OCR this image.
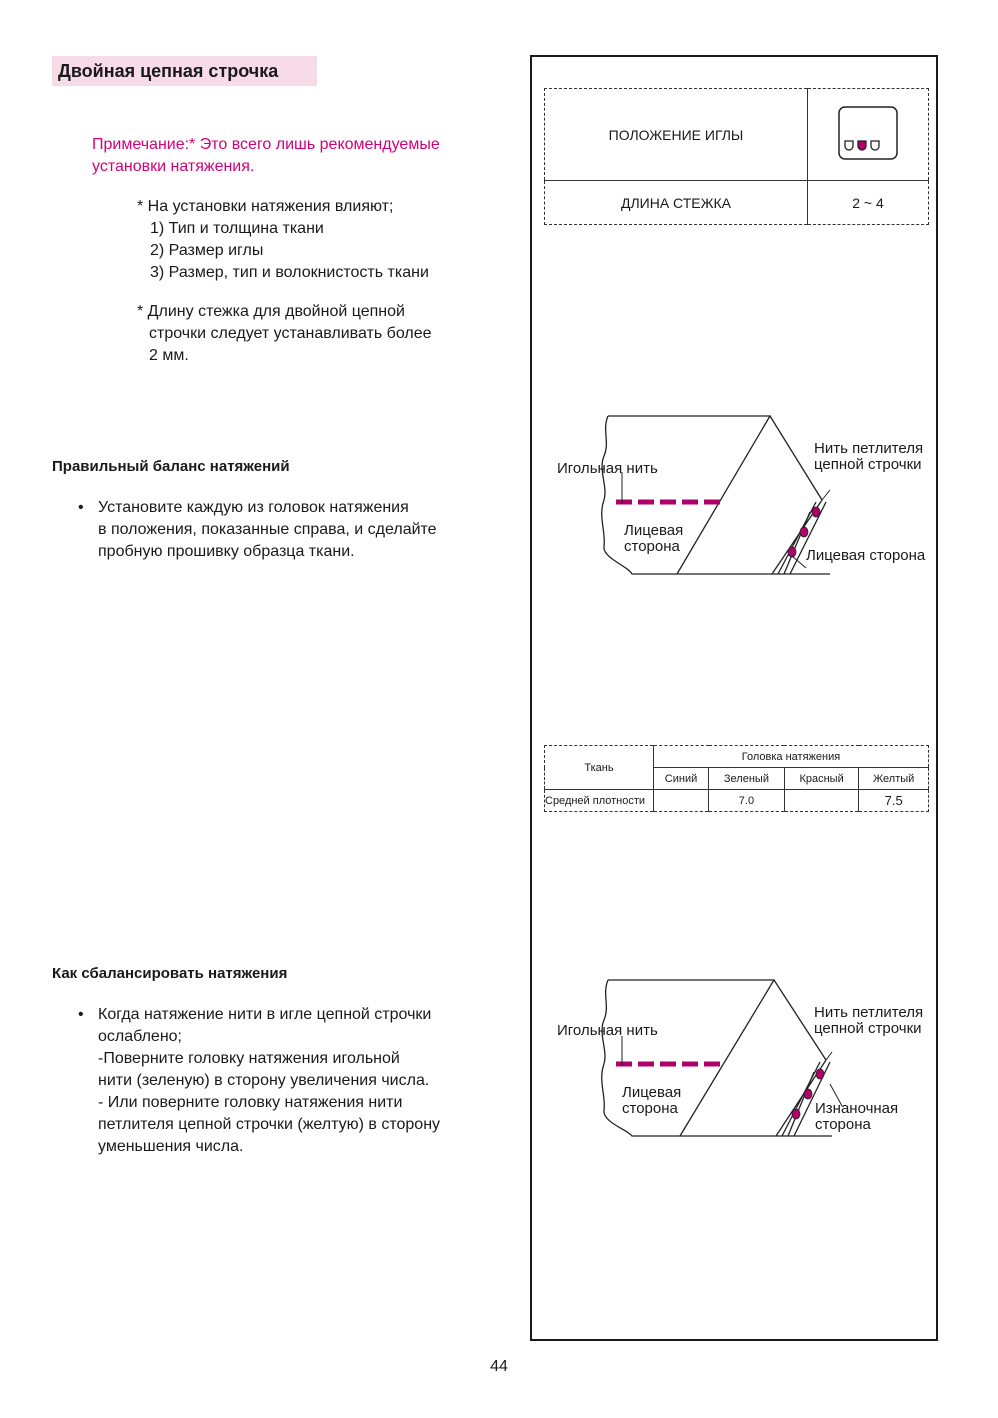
Двойная цепная строчка
Примечание:* Это всего лишь рекомендуемые
установки натяжения.
* На установки натяжения влияют;
1) Тип и толщина ткани
2) Размер иглы
3) Размер, тип и волокнистость ткани
* Длину стежка для двойной цепной
строчки следует устанавливать более
2 мм.
Правильный баланс натяжений
• Установите каждую из головок натяжения
в положения, показанные справа, и сделайте
пробную прошивку образца ткани.
Как сбалансировать натяжения
• Когда натяжение нити в игле цепной строчки
ослаблено;
-Поверните головку натяжения игольной
нити (зеленую) в сторону увеличения числа.
- Или поверните головку натяжения нити
петлителя цепной строчки (желтую) в сторону
уменьшения числа.
ПОЛОЖЕНИЕ ИГЛЫ	
ДЛИНА СТЕЖКА	2 ~ 4
Игольная нить
Нить петлителя
цепной строчки
Лицевая
сторона
Лицевая сторона
Ткань	Головка натяжения			
	Синий	Зеленый	Красный	Желтый
Средней плотности		7.0		7.5
Игольная нить
Нить петлителя
цепной строчки
Лицевая
сторона	Изнаночная
сторона
44
